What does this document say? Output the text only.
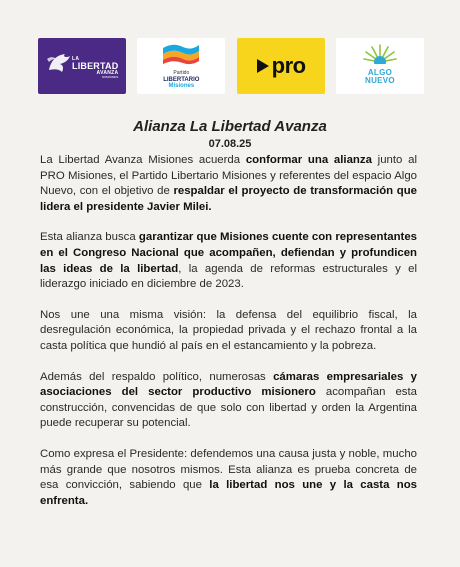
LA
LIBERTAD
AVANZA
MISIONES
Partido
LIBERTARIO
Misiones
pro	ALGO
NUEVO
Alianza La Libertad Avanza
07.08.25

La Libertad Avanza Misiones acuerda conformar una alianza junto al PRO Misiones, el Partido Libertario Misiones y referentes del espacio Algo Nuevo, con el objetivo de respaldar el proyecto de transformación que lidera el presidente Javier Milei.

Esta alianza busca garantizar que Misiones cuente con representantes en el Congreso Nacional que acompañen, defiendan y profundicen las ideas de la libertad, la agenda de reformas estructurales y el liderazgo iniciado en diciembre de 2023.

Nos une una misma visión: la defensa del equilibrio fiscal, la desregulación económica, la propiedad privada y el rechazo frontal a la casta política que hundió al país en el estancamiento y la pobreza.

Además del respaldo político, numerosas cámaras empresariales y asociaciones del sector productivo misionero acompañan esta construcción, convencidas de que solo con libertad y orden la Argentina puede recuperar su potencial.

Como expresa el Presidente: defendemos una causa justa y noble, mucho más grande que nosotros mismos. Esta alianza es prueba concreta de esa convicción, sabiendo que la libertad nos une y la casta nos enfrenta.
